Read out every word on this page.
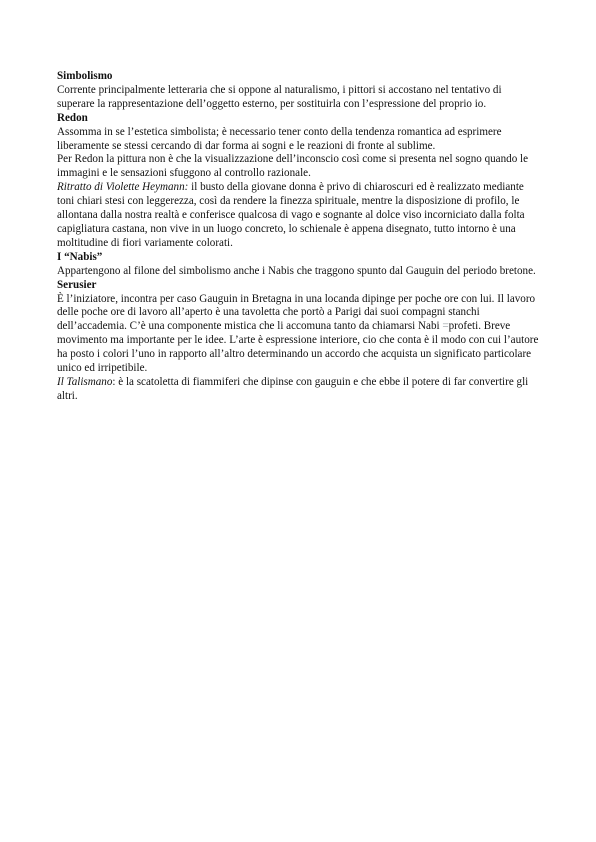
Simbolismo

Corrente principalmente letteraria che si oppone al naturalismo, i pittori si accostano nel tentativo di superare la rappresentazione dell’oggetto esterno, per sostituirla con l’espressione del proprio io.

Redon

Assomma in se l’estetica simbolista; è necessario tener conto della tendenza romantica ad esprimere liberamente se stessi cercando di dar forma ai sogni e le reazioni di fronte al sublime.

Per Redon la pittura non è che la visualizzazione dell’inconscio così come si presenta nel sogno quando le immagini e le sensazioni sfuggono al controllo razionale.

Ritratto di Violette Heymann: il busto della giovane donna è privo di chiaroscuri ed è realizzato mediante toni chiari stesi con leggerezza, così da rendere la finezza spirituale, mentre la disposizione di profilo, le allontana dalla nostra realtà e conferisce qualcosa di vago e sognante al dolce viso incorniciato dalla folta capigliatura castana, non vive in un luogo concreto, lo schienale è appena disegnato, tutto intorno è una moltitudine di fiori variamente colorati.

I “Nabis”

Appartengono al filone del simbolismo anche i Nabis che traggono spunto dal Gauguin del periodo bretone.

Serusier

È l’iniziatore, incontra per caso Gauguin in Bretagna in una locanda dipinge per poche ore con lui. Il lavoro delle poche ore di lavoro all’aperto è una tavoletta che portò a Parigi dai suoi compagni stanchi dell’accademia. C’è una componente mistica che li accomuna tanto da chiamarsi Nabi =profeti. Breve movimento ma importante per le idee. L’arte è espressione interiore, cio che conta è il modo con cui l’autore ha posto i colori l’uno in rapporto all’altro determinando un accordo che acquista un significato particolare unico ed irripetibile.

Il Talismano: è la scatoletta di fiammiferi che dipinse con gauguin e che ebbe il potere di far convertire gli altri.
